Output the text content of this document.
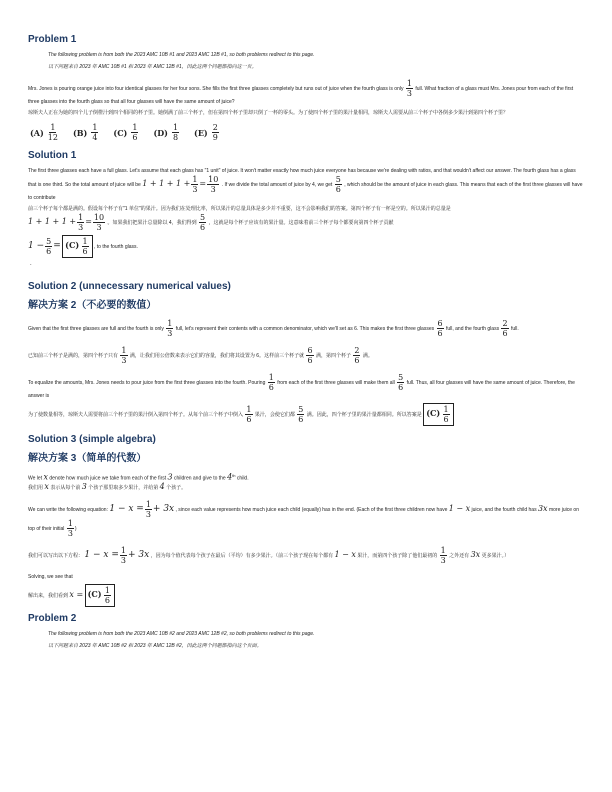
Problem 1
The following problem is from both the 2023 AMC 10B #1 and 2023 AMC 12B #1, so both problems redirect to this page.
以下问题来自 2023 年 AMC 10B #1 和 2023 年 AMC 12B #1，因此这两个问题都指向这一页。

Mrs. Jones is pouring orange juice into four identical glasses for her four sons. She fills the first three glasses completely but runs out of juice when the fourth glass is only $\frac{1}{3}$ full. What fraction of a glass must Mrs. Jones pour from each of the first three glasses into the fourth glass so that all four glasses will have the same amount of juice?

琼斯夫人正在为她的四个儿子倒橙汁到四个相同的杯子里。她倒满了前三个杯子，但在第四个杯子里却只倒了一杯的零头。为了使四个杯子里的果汁量相同，琼斯夫人需要从前三个杯子中各倒多少果汁到第四个杯子里？

$(A) \frac{1}{12} (B) \frac{1}{4} (C) \frac{1}{6} (D) \frac{1}{8} (E) \frac{2}{9}$
Solution 1

The first three glasses each have a full glass. Let's assume that each glass has "1 unit" of juice. It won't matter exactly how much juice everyone has because we're dealing with ratios, and that wouldn't affect our answer. The fourth glass has a glass that is one third. So the total amount of juice will be $1 + 1 + 1 + \frac{1}{3} = \frac{10}{3}$ . If we divide the total amount of juice by 4, we get $\frac{5}{6}$ , which should be the amount of juice in each glass. This means that each of the first three glasses will have to contribute

前三个杯子每个都是满的。假设每个杯子有"1 单位"的果汁。因为我们在处理比率，所以果汁的总量具体是多少并不重要，这不会影响我们的答案。第四个杯子有一杯是空的。所以果汁的总量是
$1 + 1 + 1 + \frac{1}{3} = \frac{10}{3}$ 。如果我们把果汁总量除以 4，我们得到 $\frac{5}{6}$ ，这就是每个杯子应该有的果汁量。这意味着前三个杯子每个都要向第四个杯子贡献

$1 - \frac{5}{6} = (C) \frac{1}{6}$ , to the fourth glass.

.
Solution 2 (unnecessary numerical values)
解决方案 2（不必要的数值）

Given that the first three glasses are full and the fourth is only $\frac{1}{3}$ full, let's represent their contents with a common denominator, which we'll set as 6. This makes the first three glasses $\frac{6}{6}$ full, and the fourth glass $\frac{2}{6}$ full.

已知前三个杯子是满的，第四个杯子只有 $\frac{1}{3}$ 满，让我们用公倍数来表示它们的容量，我们将其设置为 6。这样前三个杯子就 $\frac{6}{6}$ 满，第四个杯子 $\frac{2}{6}$ 满。

To equalize the amounts, Mrs. Jones needs to pour juice from the first three glasses into the fourth. Pouring $\frac{1}{6}$ from each of the first three glasses will make them all $\frac{5}{6}$ full. Thus, all four glasses will have the same amount of juice. Therefore, the answer is

为了使数量相等，琼斯夫人需要将前三个杯子里的果汁倒入第四个杯子。从每个前三个杯子中倒入 $\frac{1}{6}$ 果汁，会使它们都 $\frac{5}{6}$ 满。因此，四个杯子里的果汁量都相同。所以答案是 $(C) \frac{1}{6}$

Solution 3 (simple algebra)
解决方案 3（简单的代数）

We let x denote how much juice we take from each of the first 3 children and give to the 4th child.
我们用 x 表示从每个前 3 个孩子那里取多少果汁，并给第 4 个孩子。

We can write the following equation: $1 - x = \frac{1}{3} + 3x$ , since each value represents how much juice each child (equally) has in the end. (Each of the first three children now have 1 − x juice, and the fourth child has 3x more juice on top of their initial $\frac{1}{3}$ )

我们可以写出以下方程： $1 - x = \frac{1}{3} + 3x$ ，因为每个值代表每个孩子在最后（平均）有多少果汁。（前三个孩子现在每个都有 1 − x 果汁，而第四个孩子除了他们最初的 $\frac{1}{3}$ 之外还有 3x 更多果汁。）

Solving, we see that

解出来，我们看到 $x = (C) \frac{1}{6}$

Problem 2
The following problem is from both the 2023 AMC 10B #2 and 2023 AMC 12B #2, so both problems redirect to this page.
以下问题来自 2023 年 AMC 10B #2 和 2023 年 AMC 12B #2，因此这两个问题都指向这个页面。
